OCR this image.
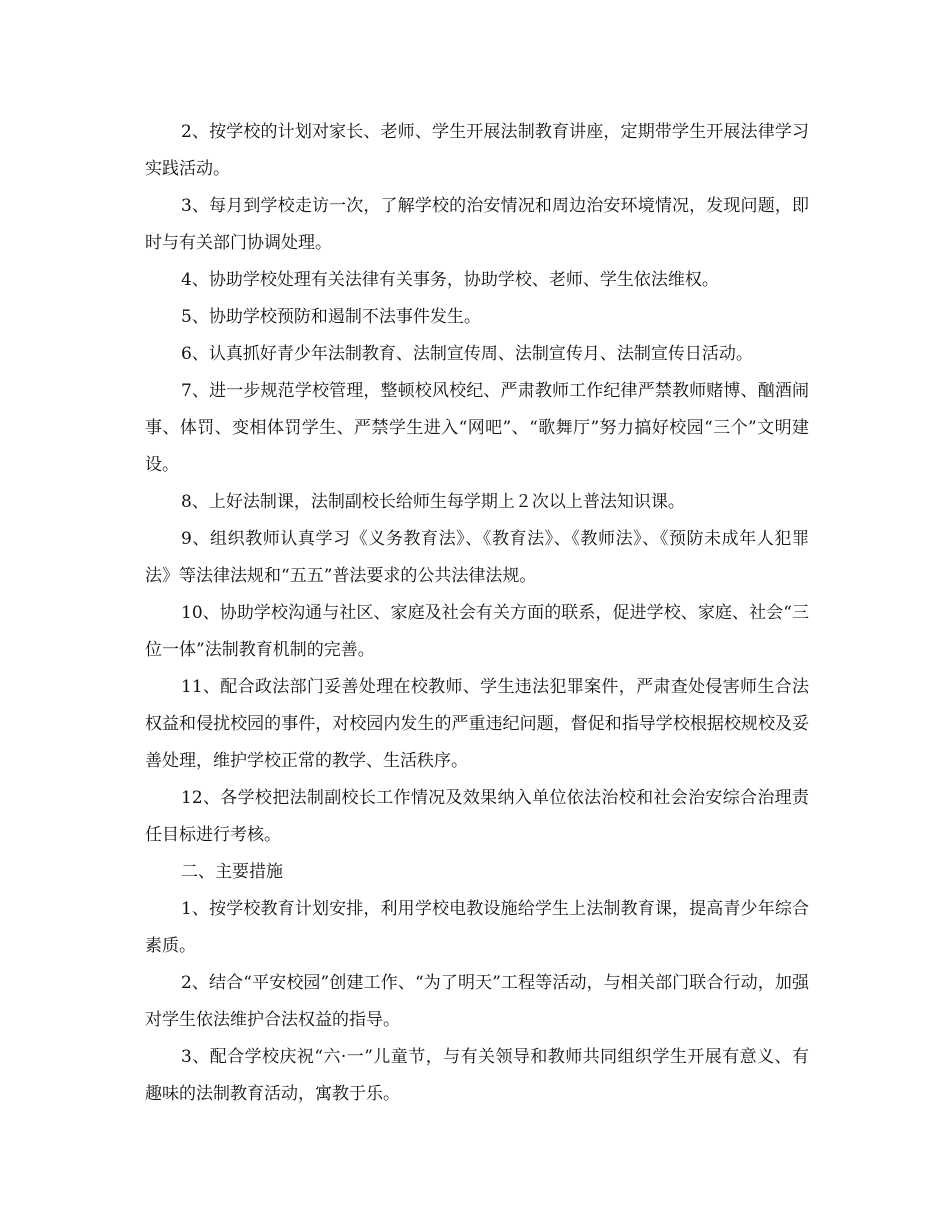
2、按学校的计划对家长、老师、学生开展法制教育讲座，定期带学生开展法律学习实践活动。

3、每月到学校走访一次，了解学校的治安情况和周边治安环境情况，发现问题，即时与有关部门协调处理。

4、协助学校处理有关法律有关事务，协助学校、老师、学生依法维权。

5、协助学校预防和遏制不法事件发生。

6、认真抓好青少年法制教育、法制宣传周、法制宣传月、法制宣传日活动。

7、进一步规范学校管理，整顿校风校纪、严肃教师工作纪律严禁教师赌博、酗酒闹事、体罚、变相体罚学生、严禁学生进入“网吧”、“歌舞厅”努力搞好校园“三个”文明建设。

8、上好法制课，法制副校长给师生每学期上２次以上普法知识课。

9、组织教师认真学习《义务教育法》、《教育法》、《教师法》、《预防未成年人犯罪法》等法律法规和“五五”普法要求的公共法律法规。

10、协助学校沟通与社区、家庭及社会有关方面的联系，促进学校、家庭、社会“三位一体”法制教育机制的完善。

11、配合政法部门妥善处理在校教师、学生违法犯罪案件，严肃查处侵害师生合法权益和侵扰校园的事件，对校园内发生的严重违纪问题，督促和指导学校根据校规校及妥善处理，维护学校正常的教学、生活秩序。

12、各学校把法制副校长工作情况及效果纳入单位依法治校和社会治安综合治理责任目标进行考核。

二、主要措施

1、按学校教育计划安排，利用学校电教设施给学生上法制教育课，提高青少年综合素质。

2、结合“平安校园”创建工作、“为了明天”工程等活动，与相关部门联合行动，加强对学生依法维护合法权益的指导。

3、配合学校庆祝“六·一”儿童节，与有关领导和教师共同组织学生开展有意义、有趣味的法制教育活动，寓教于乐。
